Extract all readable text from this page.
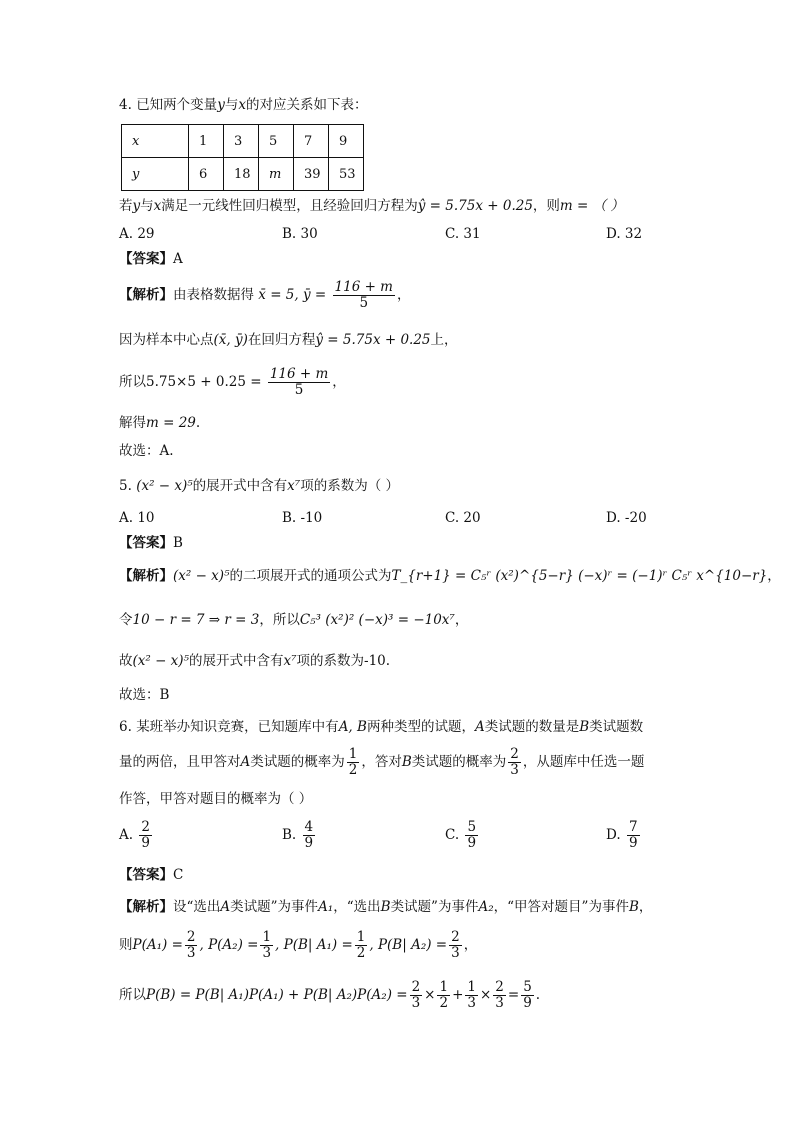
4. 已知两个变量y与x的对应关系如下表：
x	1	3	5	7	9
y	6	18	m	39	53
若y与x满足一元线性回归模型，且经验回归方程为ŷ = 5.75x + 0.25，则m = （ ）
A. 29	B. 30	C. 31	D. 32
【答案】A
【解析】由表格数据得 x̄ = 5, ȳ = $\frac{116 + m}{5}$ ，
因为样本中心点(x̄, ȳ)在回归方程ŷ = 5.75x + 0.25上，
所以$5.75\times 5 + 0.25 = \frac{116 + m}{5}$ ，
解得m = 29.
故选：A.
5. (x² − x)⁵的展开式中含有x⁷项的系数为（ ）
A. 10	B. -10	C. 20	D. -20
【答案】B
【解析】(x² − x)⁵的二项展开式的通项公式为T_{r+1} = C₅ʳ (x²)^{5−r} (−x)ʳ = (−1)ʳ C₅ʳ x^{10−r}，
令10 − r = 7 ⇒ r = 3，所以C₅³ (x²)² (−x)³ = −10x⁷，
故(x² − x)⁵的展开式中含有x⁷项的系数为-10.
故选：B
6. 某班举办知识竞赛，已知题库中有A, B两种类型的试题，A类试题的数量是B类试题数
量的两倍，且甲答对A类试题的概率为 $\frac{1}{2}$ ，答对B类试题的概率为 $\frac{2}{3}$ ，从题库中任选一题
作答，甲答对题目的概率为（ ）
A. $\frac{2}{9}$	B. $\frac{4}{9}$	C. $\frac{5}{9}$	D. $\frac{7}{9}$
【答案】C
【解析】设“选出A类试题”为事件A₁，“选出B类试题”为事件A₂，“甲答对题目”为事件B，
则$P(A_1) = \frac{2}{3}$ , $P(A_2) = \frac{1}{3}$ , P(B| $A_1) = \frac{1}{2}$ , P(B| $A_2) = \frac{2}{3}$ ，
所以P(B) = P(B| A₁)P(A₁) + P(B| $A_2)P(A_2) = \frac{2}{3} \times \frac{1}{2} + \frac{1}{3} \times \frac{2}{3} = \frac{5}{9}$ .
